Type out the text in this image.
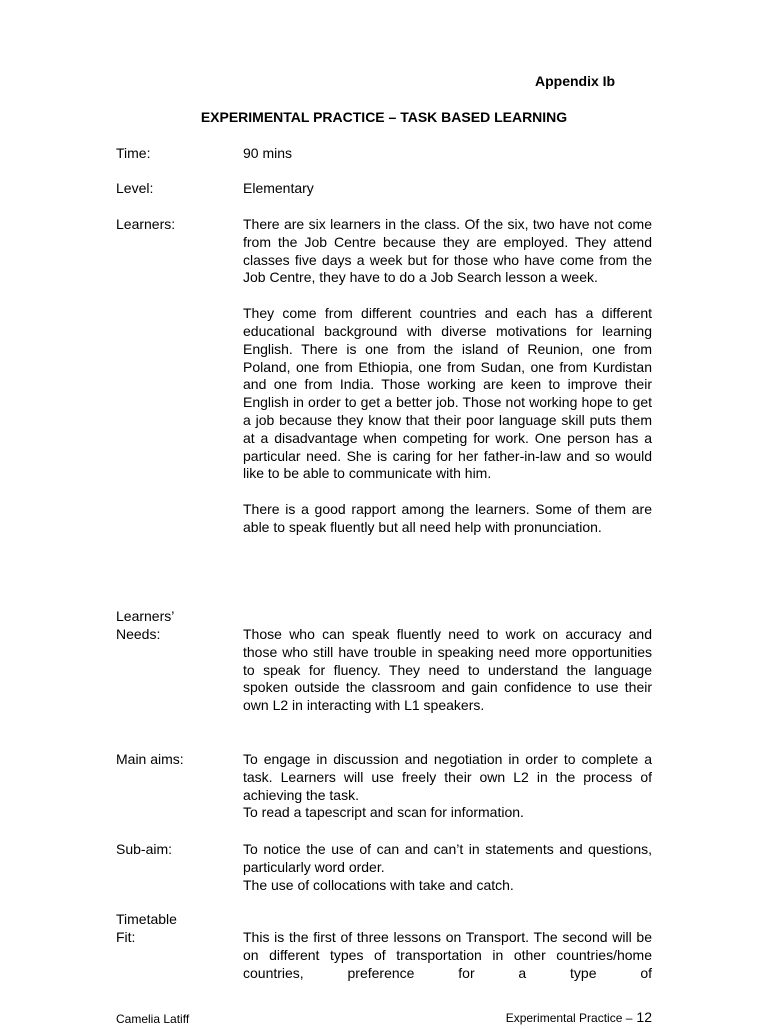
Appendix Ib
EXPERIMENTAL PRACTICE – TASK BASED LEARNING
Time:	90 mins
Level:	Elementary
Learners:	There are six learners in the class. Of the six, two have not come from the Job Centre because they are employed. They attend classes five days a week but for those who have come from the Job Centre, they have to do a Job Search lesson a week.

They come from different countries and each has a different educational background with diverse motivations for learning English. There is one from the island of Reunion, one from Poland, one from Ethiopia, one from Sudan, one from Kurdistan and one from India. Those working are keen to improve their English in order to get a better job. Those not working hope to get a job because they know that their poor language skill puts them at a disadvantage when competing for work. One person has a particular need. She is caring for her father-in-law and so would like to be able to communicate with him.

There is a good rapport among the learners. Some of them are able to speak fluently but all need help with pronunciation.

Learners’
Needs:	Those who can speak fluently need to work on accuracy and those who still have trouble in speaking need more opportunities to speak for fluency. They need to understand the language spoken outside the classroom and gain confidence to use their own L2 in interacting with L1 speakers.

Main aims:	To engage in discussion and negotiation in order to complete a task. Learners will use freely their own L2 in the process of achieving the task.

To read a tapescript and scan for information.
Sub-aim:	To notice the use of can and can’t in statements and questions, particularly word order.

The use of collocations with take and catch.
Timetable
Fit:	This is the first of three lessons on Transport. The second will be on different types of transportation in other countries/home countries, preference for a type of

Camelia Latiff	Experimental Practice – 12
